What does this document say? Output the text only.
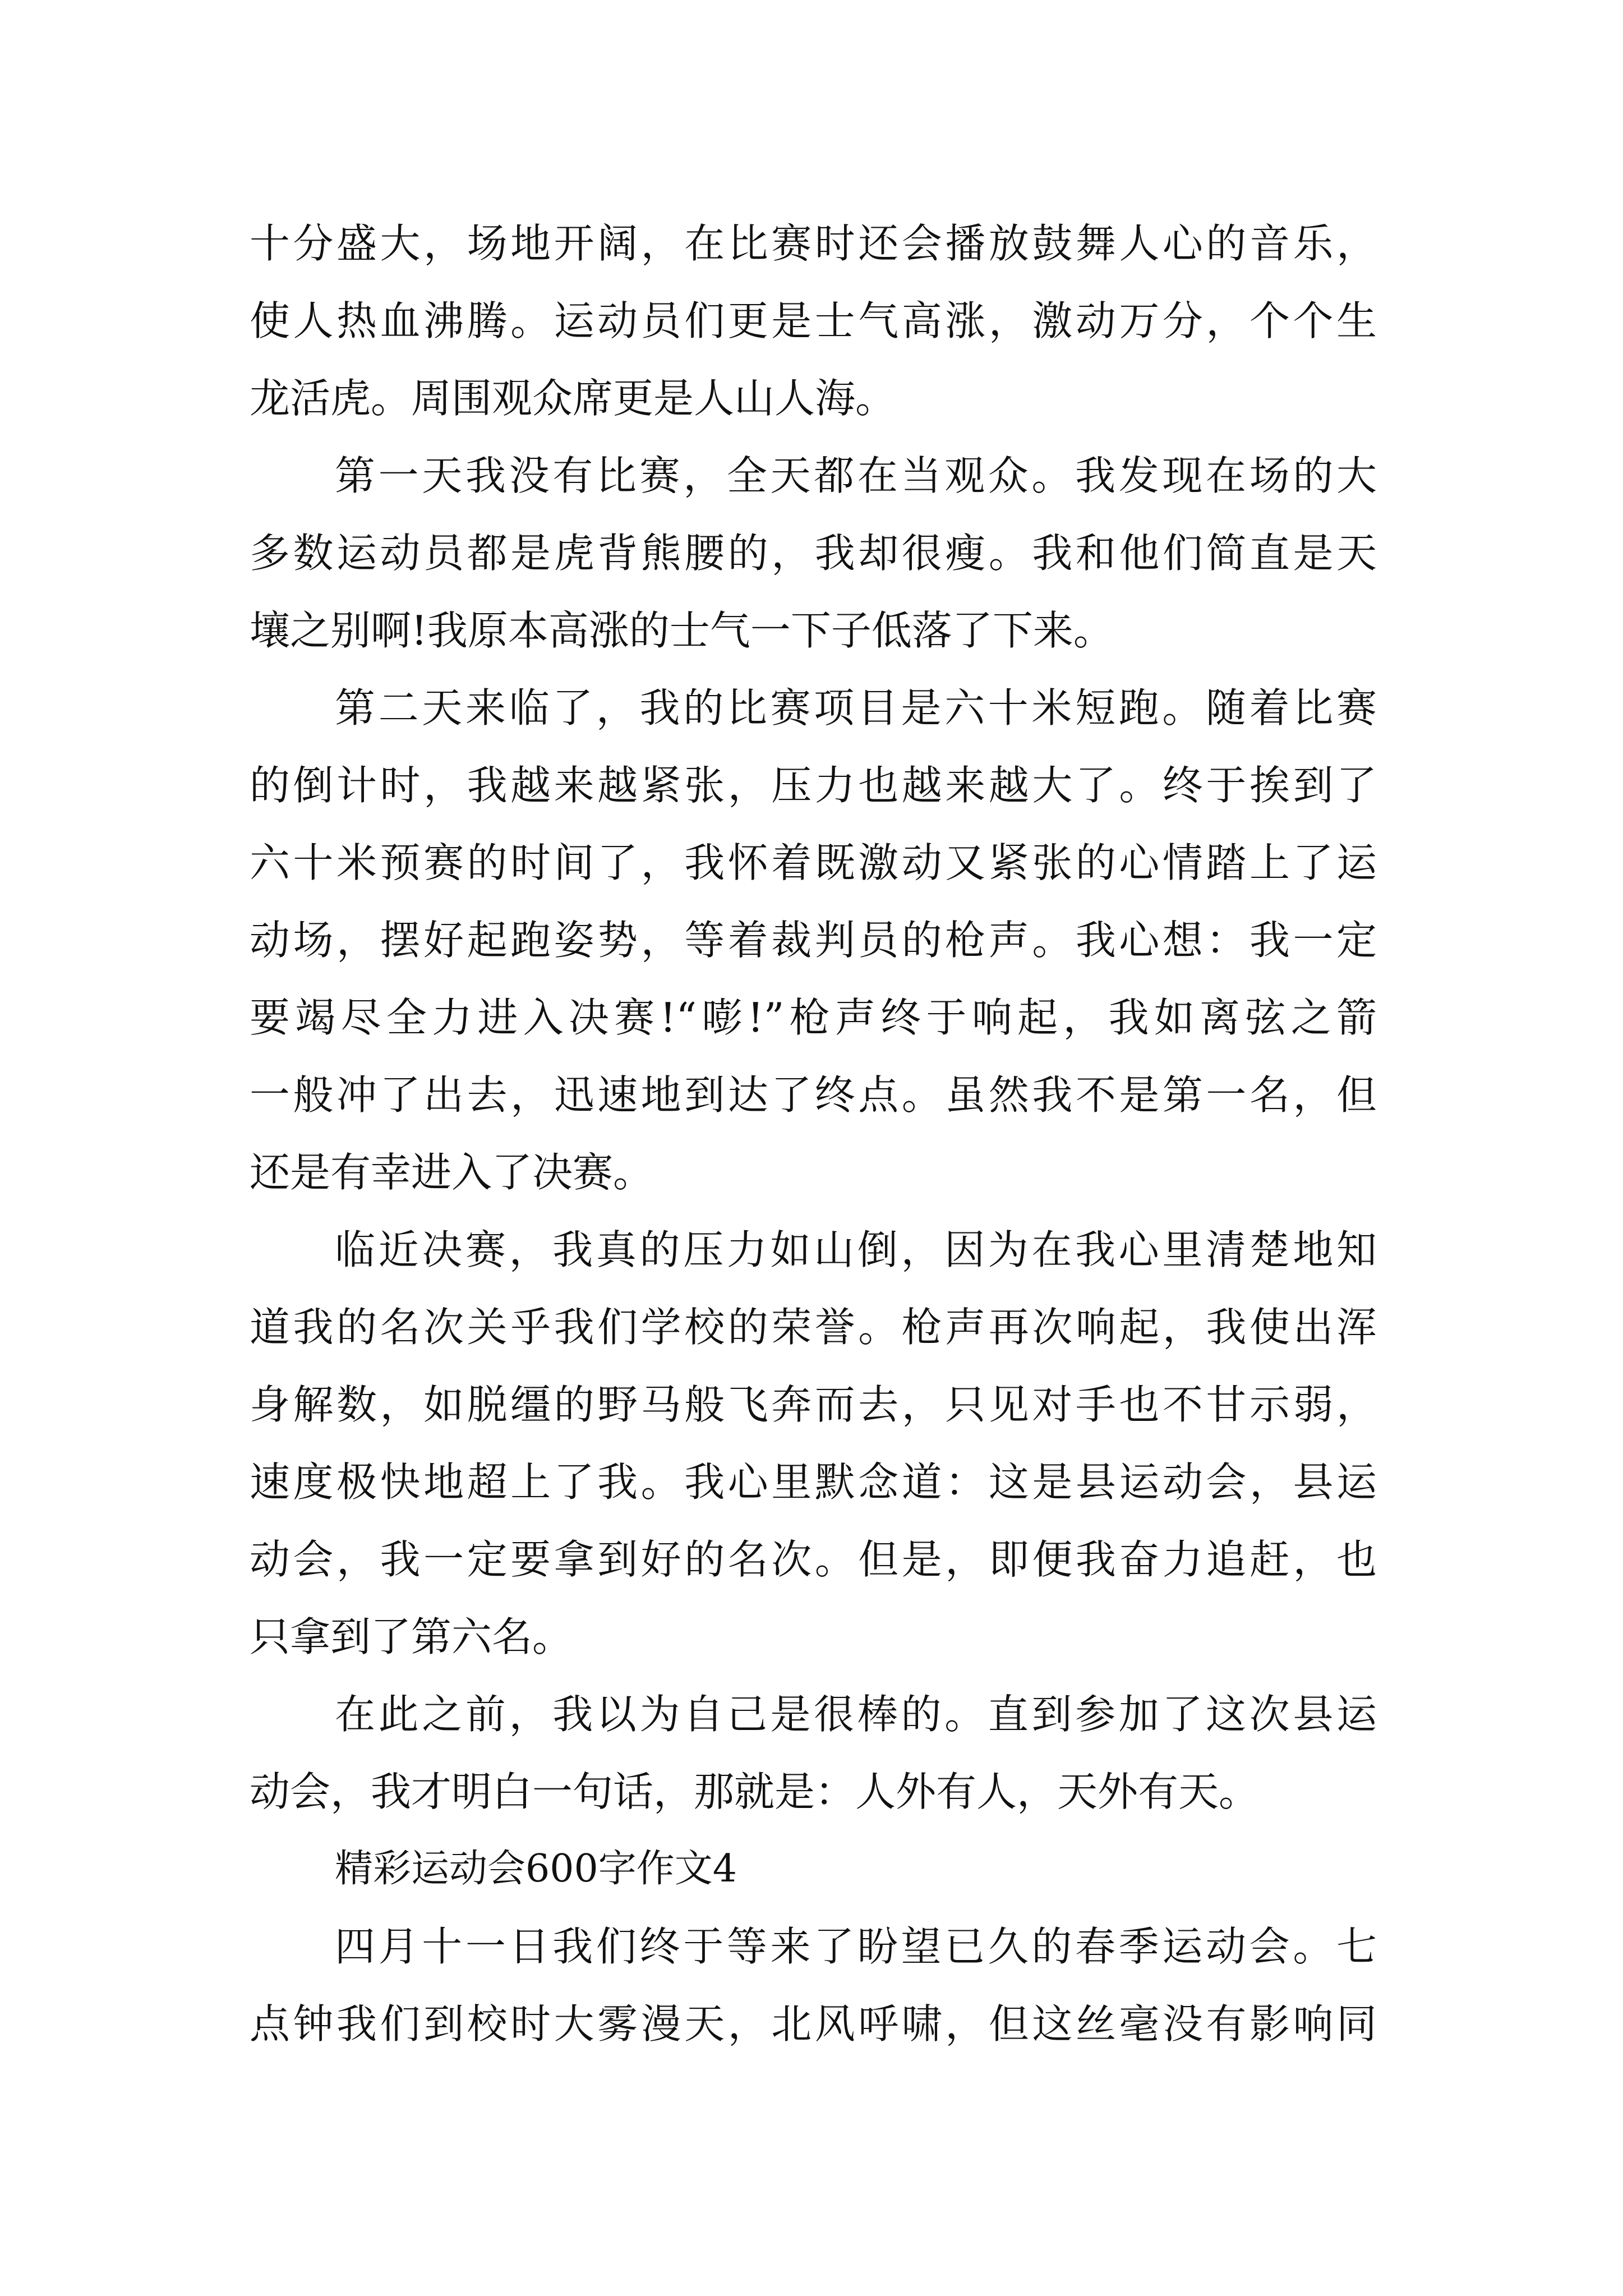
十分盛大，场地开阔，在比赛时还会播放鼓舞人心的音乐，
使人热血沸腾。运动员们更是士气高涨，激动万分，个个生
龙活虎。周围观众席更是人山人海。
第一天我没有比赛，全天都在当观众。我发现在场的大
多数运动员都是虎背熊腰的，我却很瘦。我和他们简直是天
壤之别啊!我原本高涨的士气一下子低落了下来。
第二天来临了，我的比赛项目是六十米短跑。随着比赛
的倒计时，我越来越紧张，压力也越来越大了。终于挨到了
六十米预赛的时间了，我怀着既激动又紧张的心情踏上了运
动场，摆好起跑姿势，等着裁判员的枪声。我心想：我一定
要竭尽全力进入决赛!“嘭!”枪声终于响起，我如离弦之箭
一般冲了出去，迅速地到达了终点。虽然我不是第一名，但
还是有幸进入了决赛。
临近决赛，我真的压力如山倒，因为在我心里清楚地知
道我的名次关乎我们学校的荣誉。枪声再次响起，我使出浑
身解数，如脱缰的野马般飞奔而去，只见对手也不甘示弱，
速度极快地超上了我。我心里默念道：这是县运动会，县运
动会，我一定要拿到好的名次。但是，即便我奋力追赶，也
只拿到了第六名。
在此之前，我以为自己是很棒的。直到参加了这次县运
动会，我才明白一句话，那就是：人外有人，天外有天。
精彩运动会600字作文4
四月十一日我们终于等来了盼望已久的春季运动会。七
点钟我们到校时大雾漫天，北风呼啸，但这丝毫没有影响同
